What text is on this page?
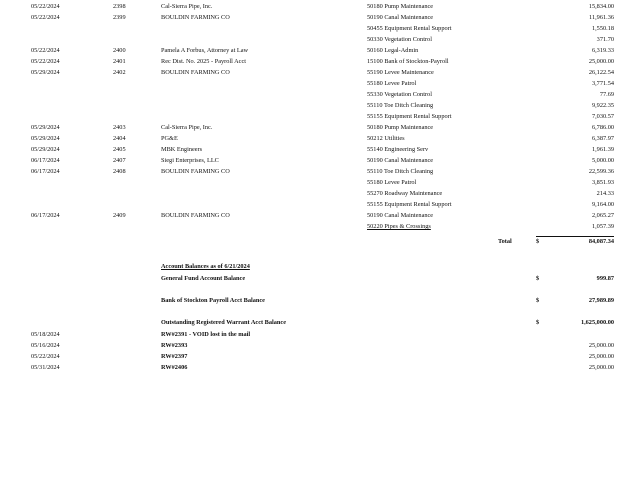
05/22/2024	2398	Cal-Sierra Pipe, Inc.	50180 Pump Maintenance	15,834.00
05/22/2024	2399	BOULDIN FARMING CO	50190 Canal Maintenance	11,961.36
50455 Equipment Rental Support	1,550.18
50330 Vegetation Control	371.70
05/22/2024	2400	Pamela A Forbus, Attorney at Law	50160 Legal-Admin	6,319.33
05/22/2024	2401	Rec Dist. No. 2025 - Payroll Acct	15100 Bank of Stockton-Payroll	25,000.00
05/29/2024	2402	BOULDIN FARMING CO	55190 Levee Maintenance	26,122.54
55180 Levee Patrol	3,771.54
55330 Vegetation Control	77.69
55110 Toe Ditch Cleaning	9,922.35
55155 Equipment Rental Support	7,030.57
05/29/2024	2403	Cal-Sierra Pipe, Inc.	50180 Pump Maintenance	6,786.00
05/29/2024	2404	PG&E	50212 Utilities	6,387.97
05/29/2024	2405	MBK Engineers	55140 Engineering Serv	1,961.39
06/17/2024	2407	Siegi Enterprises, LLC	50190 Canal Maintenance	5,000.00
06/17/2024	2408	BOULDIN FARMING CO	55110 Toe Ditch Cleaning	22,599.36
55180 Levee Patrol	3,851.93
55270 Roadway Maintenance	214.33
55155 Equipment Rental Support	9,164.00
06/17/2024	2409	BOULDIN FARMING CO	50190 Canal Maintenance	2,065.27
50220 Pipes & Crossings	1,057.39
Total	$	84,087.34
Account Balances as of 6/21/2024
General Fund Account Balance	$	999.87
Bank of Stockton Payroll Acct Balance	$	27,989.89
Outstanding Registered Warrant Acct Balance	$	1,625,000.00
05/18/2024	RW#2391 - VOID lost in the mail
05/16/2024	RW#2393	25,000.00
05/22/2024	RW#2397	25,000.00
05/31/2024	RW#2406	25,000.00
